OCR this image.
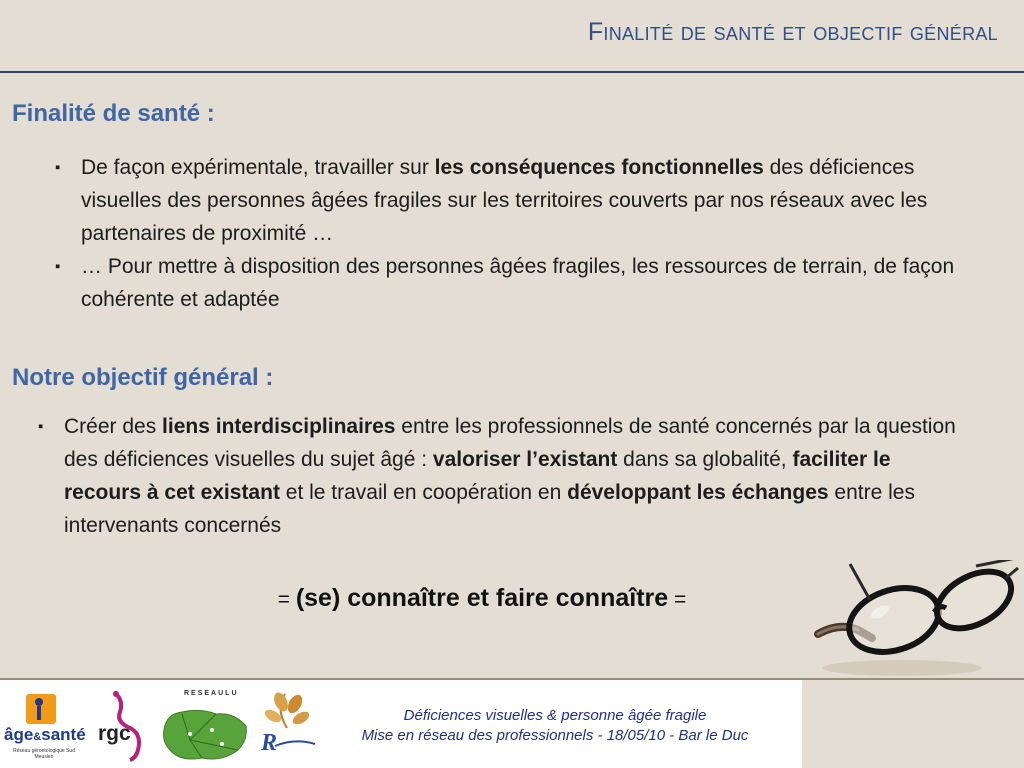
Finalité de santé et objectif général
Finalité de santé :
▪ De façon expérimentale, travailler sur les conséquences fonctionnelles des déficiences visuelles des personnes âgées fragiles sur les territoires couverts par nos réseaux avec les partenaires de proximité …
▪ … Pour mettre à disposition des personnes âgées fragiles, les ressources de terrain, de façon cohérente et adaptée
Notre objectif général :
▪ Créer des liens interdisciplinaires entre les professionnels de santé concernés par la question des déficiences visuelles du sujet âgé : valoriser l’existant dans sa globalité, faciliter le recours à cet existant et le travail en coopération en développant les échanges entre les intervenants concernés
= (se) connaître et faire connaître =
Déficiences visuelles & personne âgée fragile
Mise en réseau des professionnels - 18/05/10 - Bar le Duc
âge&santé
Réseau gérontologique Sud Meusien
rgc
RESEAULU
R
